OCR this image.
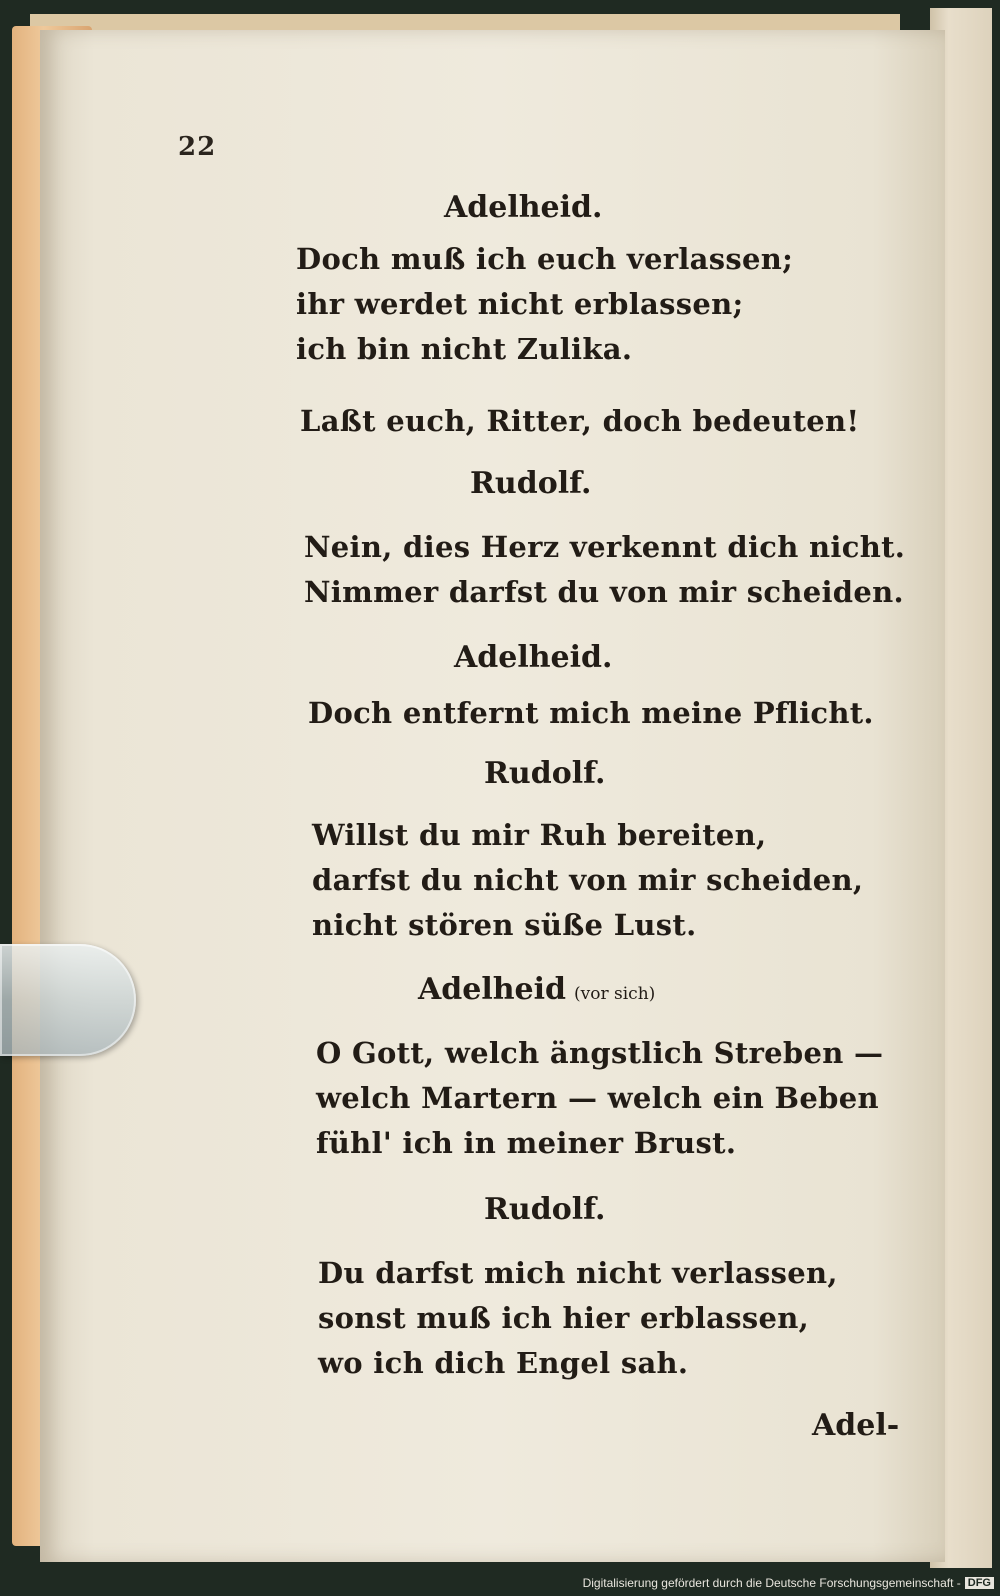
22
Adelheid.
Doch muß ich euch verlassen;
ihr werdet nicht erblassen;
ich bin nicht Zulika.
Laßt euch, Ritter, doch bedeuten!
Rudolf.
Nein, dies Herz verkennt dich nicht.
Nimmer darfst du von mir scheiden.
Adelheid.
Doch entfernt mich meine Pflicht.
Rudolf.
Willst du mir Ruh bereiten,
darfst du nicht von mir scheiden,
nicht stören süße Lust.
Adelheid (vor sich)
O Gott, welch ängstlich Streben —
welch Martern — welch ein Beben
fühl' ich in meiner Brust.
Rudolf.
Du darfst mich nicht verlassen,
sonst muß ich hier erblassen,
wo ich dich Engel sah.
Adel-
Digitalisierung gefördert durch die Deutsche Forschungsgemeinschaft - DFG
